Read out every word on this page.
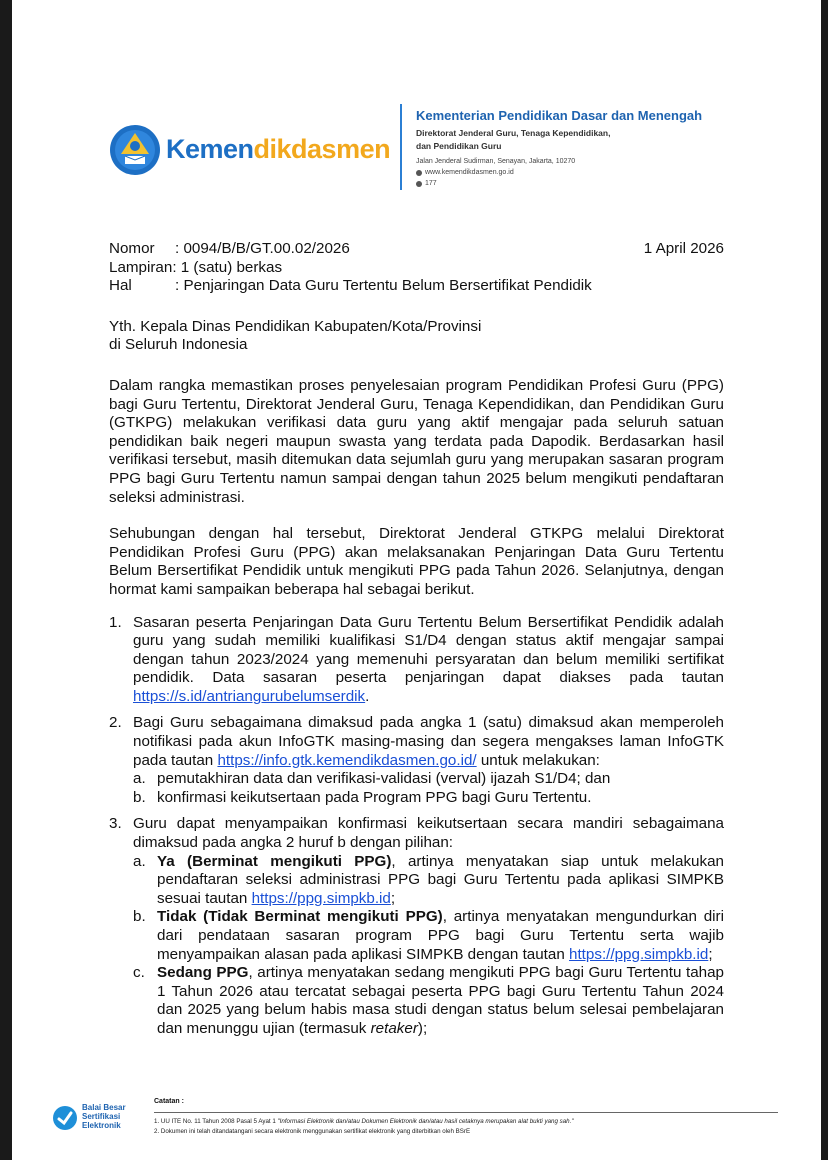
Kemendikdasmen
Kementerian Pendidikan Dasar dan Menengah
Direktorat Jenderal Guru, Tenaga Kependidikan,
dan Pendidikan Guru
Jalan Jenderal Sudirman, Senayan, Jakarta, 10270
www.kemendikdasmen.go.id
177
Nomor	: 0094/B/B/GT.00.02/2026	1 April 2026
Lampiran : 1 (satu) berkas
Hal	: Penjaringan Data Guru Tertentu Belum Bersertifikat Pendidik
Yth. Kepala Dinas Pendidikan Kabupaten/Kota/Provinsi
di Seluruh Indonesia

Dalam rangka memastikan proses penyelesaian program Pendidikan Profesi Guru (PPG) bagi Guru Tertentu, Direktorat Jenderal Guru, Tenaga Kependidikan, dan Pendidikan Guru (GTKPG) melakukan verifikasi data guru yang aktif mengajar pada seluruh satuan pendidikan baik negeri maupun swasta yang terdata pada Dapodik. Berdasarkan hasil verifikasi tersebut, masih ditemukan data sejumlah guru yang merupakan sasaran program PPG bagi Guru Tertentu namun sampai dengan tahun 2025 belum mengikuti pendaftaran seleksi administrasi.

Sehubungan dengan hal tersebut, Direktorat Jenderal GTKPG melalui Direktorat Pendidikan Profesi Guru (PPG) akan melaksanakan Penjaringan Data Guru Tertentu Belum Bersertifikat Pendidik untuk mengikuti PPG pada Tahun 2026. Selanjutnya, dengan hormat kami sampaikan beberapa hal sebagai berikut.

1. Sasaran peserta Penjaringan Data Guru Tertentu Belum Bersertifikat Pendidik adalah guru yang sudah memiliki kualifikasi S1/D4 dengan status aktif mengajar sampai dengan tahun 2023/2024 yang memenuhi persyaratan dan belum memiliki sertifikat pendidik. Data sasaran peserta penjaringan dapat diakses pada tautan https://s.id/antriangurubelumserdik.
2. Bagi Guru sebagaimana dimaksud pada angka 1 (satu) dimaksud akan memperoleh notifikasi pada akun InfoGTK masing-masing dan segera mengakses laman InfoGTK pada tautan https://info.gtk.kemendikdasmen.go.id/ untuk melakukan:
a. pemutakhiran data dan verifikasi-validasi (verval) ijazah S1/D4; dan
b. konfirmasi keikutsertaan pada Program PPG bagi Guru Tertentu.
3. Guru dapat menyampaikan konfirmasi keikutsertaan secara mandiri sebagaimana dimaksud pada angka 2 huruf b dengan pilihan:
a. Ya (Berminat mengikuti PPG), artinya menyatakan siap untuk melakukan pendaftaran seleksi administrasi PPG bagi Guru Tertentu pada aplikasi SIMPKB sesuai tautan https://ppg.simpkb.id;
b. Tidak (Tidak Berminat mengikuti PPG), artinya menyatakan mengundurkan diri dari pendataan sasaran program PPG bagi Guru Tertentu serta wajib menyampaikan alasan pada aplikasi SIMPKB dengan tautan https://ppg.simpkb.id;
c. Sedang PPG, artinya menyatakan sedang mengikuti PPG bagi Guru Tertentu tahap 1 Tahun 2026 atau tercatat sebagai peserta PPG bagi Guru Tertentu Tahun 2024 dan 2025 yang belum habis masa studi dengan status belum selesai pembelajaran dan menunggu ujian (termasuk retaker);
Balai Besar
Sertifikasi
Elektronik
Catatan :
1. UU ITE No. 11 Tahun 2008 Pasal 5 Ayat 1 "Informasi Elektronik dan/atau Dokumen Elektronik dan/atau hasil cetaknya merupakan alat bukti yang sah."
2. Dokumen ini telah ditandatangani secara elektronik menggunakan sertifikat elektronik yang diterbitkan oleh BSrE
